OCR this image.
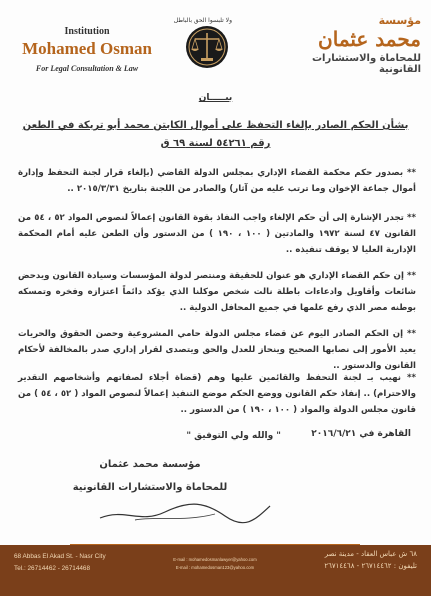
Institution
Mohamed Osman
For Legal Consultation & Law
ولا تلبسوا الحق بالباطل	مؤسسة
محمد عثمان
للمحاماة والاستشارات القانونية
بيـــــان
بشأن الحكم الصادر بإلغاء التحفظ على أموال الكابتن محمد أبو تريكة في الطعن
رقم ٥٤٢٦١ لسنة ٦٩ ق
** بصدور حكم محكمة القضاء الإداري بمجلس الدولة القاضي (بإلغاء قرار لجنة التحفظ وإدارة أموال جماعة الإخوان وما ترتب عليه من آثار) والصادر من اللجنة بتاريخ ٢٠١٥/٣/٣١ ..
** تجدر الإشارة إلى أن حكم الإلغاء واجب النفاذ بقوة القانون إعمالاً لنصوص المواد ٥٢ ، ٥٤ من القانون ٤٧ لسنة ١٩٧٢ والمادتين ( ١٠٠ ، ١٩٠ ) من الدستور وأن الطعن عليه أمام المحكمة الإدارية العليا لا يوقف تنفيذه ..
** إن حكم القضاء الإداري هو عنوان للحقيقة ومنتصر لدولة المؤسسات وسيادة القانون ويدحض شائعات وأقاويل وادعاءات باطلة نالت شخص موكلنا الذي يؤكد دائماً اعتزازه وفخره وتمسكه بوطنه مصر الذي رفع علمها في جميع المحافل الدولية ..
** إن الحكم الصادر اليوم عن قضاء مجلس الدولة حامي المشروعية وحصن الحقوق والحريات يعيد الأمور إلى نصابها الصحيح وينحاز للعدل والحق ويتصدى لقرار إداري صدر بالمخالفة لأحكام القانون والدستور ..
** نهيب بـ لجنة التحفظ والقائمين عليها وهم (قضاة أجلاء لصفاتهم وأشخاصهم التقدير والاحترام) .. إنفاذ حكم القانون ووضع الحكم موضع التنفيذ إعمالاً لنصوص المواد ( ٥٢ ، ٥٤ ) من قانون مجلس الدولة والمواد ( ١٠٠ ، ١٩٠ ) من الدستور ..
القاهرة في ٢٠١٦/٦/٢١
" والله ولي التوفيق "
مؤسسة محمد عثمان
للمحاماة والاستشارات القانونية
68 Abbas El Akad St. - Nasr City
Tel.: 26714462 - 26714468
E-mail : mohamedosmanlawyer@yahoo.com
E-mail : mohamedosman123@yahoo.com
٦٨ ش عباس العقاد - مدينة نصر
تليفون : ٢٦٧١٤٤٦٢ - ٢٦٧١٤٤٦٨
